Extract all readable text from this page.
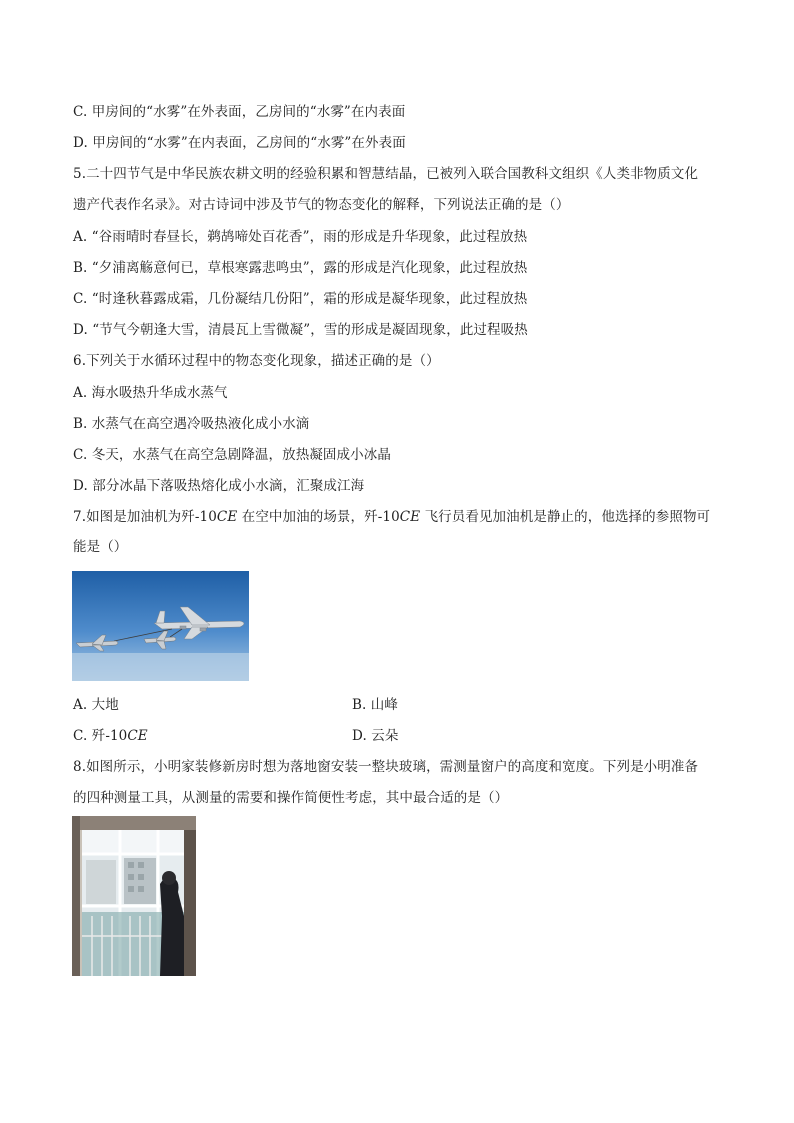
C. 甲房间的“水雾”在外表面，乙房间的“水雾”在内表面
D. 甲房间的“水雾”在内表面，乙房间的“水雾”在外表面
5.二十四节气是中华民族农耕文明的经验积累和智慧结晶，已被列入联合国教科文组织《人类非物质文化
遗产代表作名录》。对古诗词中涉及节气的物态变化的解释，下列说法正确的是（）
A. “谷雨晴时春昼长，鹈鸪啼处百花香”，雨的形成是升华现象，此过程放热
B. “夕浦离觞意何已，草根寒露悲鸣虫”，露的形成是汽化现象，此过程放热
C. “时逢秋暮露成霜，几份凝结几份阳”，霜的形成是凝华现象，此过程放热
D. “节气今朝逢大雪，清晨瓦上雪微凝”，雪的形成是凝固现象，此过程吸热
6.下列关于水循环过程中的物态变化现象，描述正确的是（）
A. 海水吸热升华成水蒸气
B. 水蒸气在高空遇冷吸热液化成小水滴
C. 冬天，水蒸气在高空急剧降温，放热凝固成小冰晶
D. 部分冰晶下落吸热熔化成小水滴，汇聚成江海
7.如图是加油机为歼-10CE 在空中加油的场景，歼-10CE 飞行员看见加油机是静止的，他选择的参照物可
能是（）
A. 大地	B. 山峰
C. 歼-10CE	D. 云朵
8.如图所示，小明家装修新房时想为落地窗安装一整块玻璃，需测量窗户的高度和宽度。下列是小明准备
的四种测量工具，从测量的需要和操作简便性考虑，其中最合适的是（）
